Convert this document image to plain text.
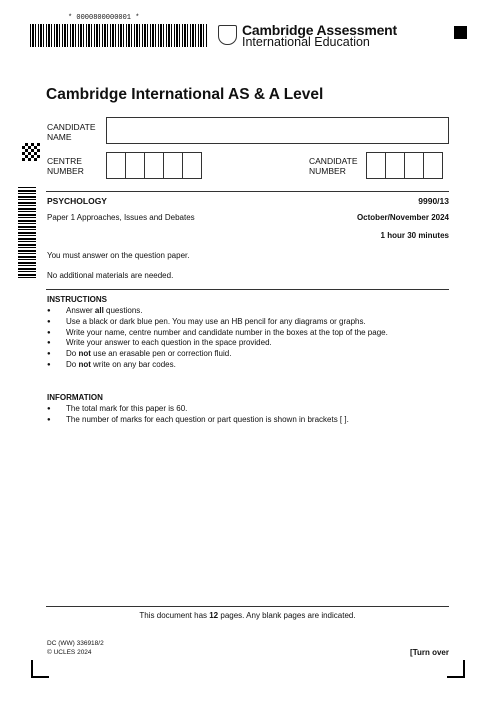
* 0000800000001 *
Cambridge Assessment
International Education
Cambridge International AS & A Level
CANDIDATE
NAME
CENTRE
NUMBER
CANDIDATE
NUMBER
PSYCHOLOGY	9990/13
Paper 1 Approaches, Issues and Debates	October/November 2024
1 hour 30 minutes
You must answer on the question paper.
No additional materials are needed.
INSTRUCTIONS
● Answer all questions.
● Use a black or dark blue pen. You may use an HB pencil for any diagrams or graphs.
● Write your name, centre number and candidate number in the boxes at the top of the page.
● Write your answer to each question in the space provided.
● Do not use an erasable pen or correction fluid.
● Do not write on any bar codes.
INFORMATION
● The total mark for this paper is 60.
● The number of marks for each question or part question is shown in brackets [ ].
This document has 12 pages. Any blank pages are indicated.
DC (WW) 336918/2
© UCLES 2024	[Turn over
